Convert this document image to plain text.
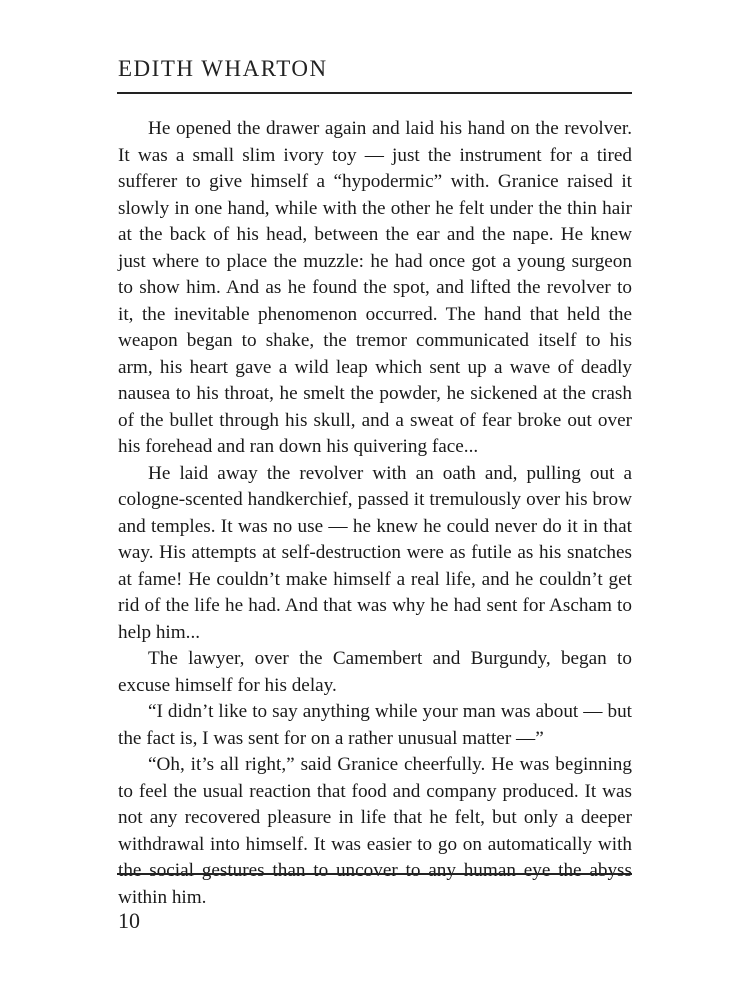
EDITH WHARTON

He opened the drawer again and laid his hand on the revolver. It was a small slim ivory toy — just the instrument for a tired sufferer to give himself a “hypodermic” with. Granice raised it slowly in one hand, while with the other he felt under the thin hair at the back of his head, between the ear and the nape. He knew just where to place the muzzle: he had once got a young surgeon to show him. And as he found the spot, and lifted the revolver to it, the inevitable phenomenon occurred. The hand that held the weapon began to shake, the tremor communicated itself to his arm, his heart gave a wild leap which sent up a wave of deadly nausea to his throat, he smelt the powder, he sickened at the crash of the bullet through his skull, and a sweat of fear broke out over his forehead and ran down his quivering face...

He laid away the revolver with an oath and, pulling out a cologne-scented handkerchief, passed it tremulously over his brow and temples. It was no use — he knew he could never do it in that way. His attempts at self-destruction were as futile as his snatches at fame! He couldn’t make himself a real life, and he couldn’t get rid of the life he had. And that was why he had sent for Ascham to help him...

The lawyer, over the Camembert and Burgundy, began to excuse himself for his delay.

“I didn’t like to say anything while your man was about — but the fact is, I was sent for on a rather unusual matter —”

“Oh, it’s all right,” said Granice cheerfully. He was beginning to feel the usual reaction that food and company produced. It was not any recovered pleasure in life that he felt, but only a deeper withdrawal into himself. It was easier to go on automatically with the social gestures than to uncover to any human eye the abyss within him.

10
